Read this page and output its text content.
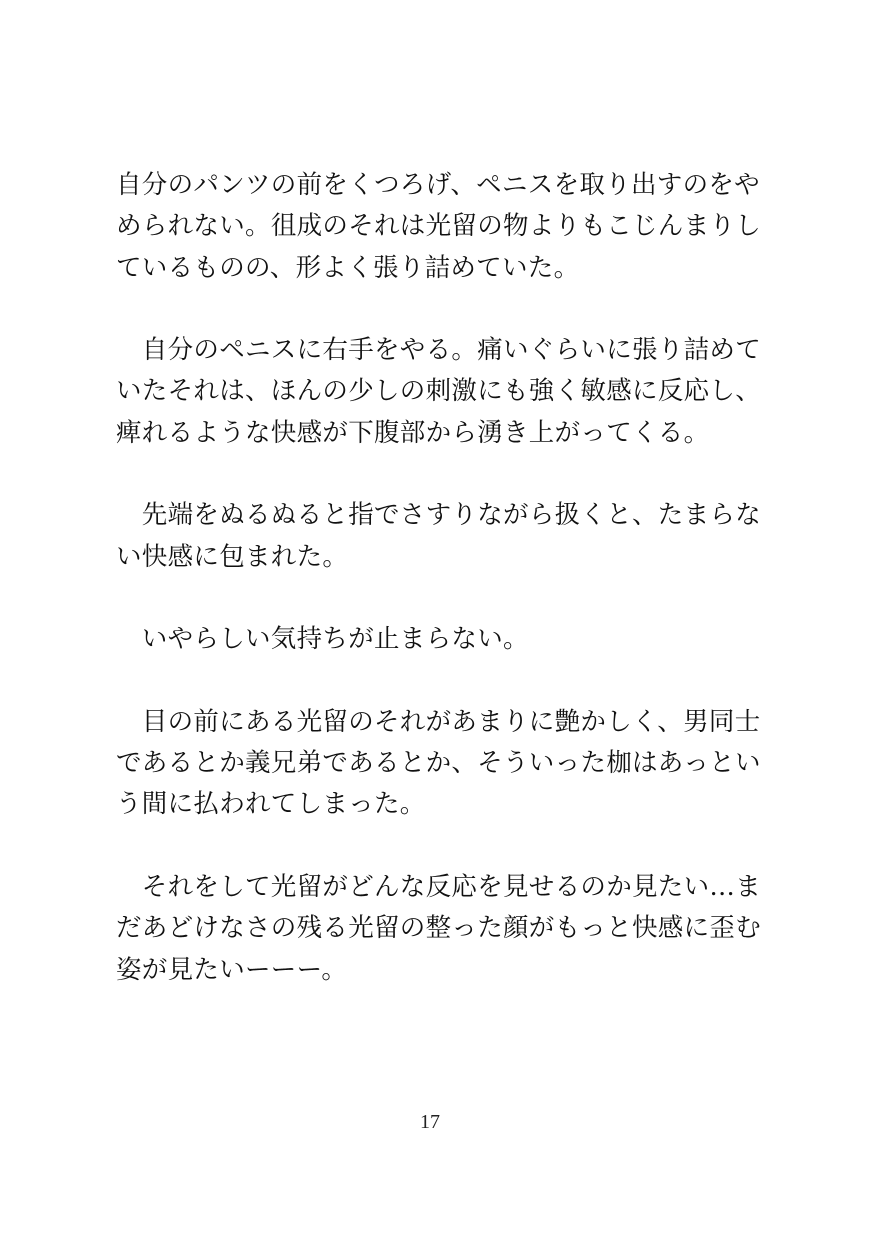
自分のパンツの前をくつろげ、ペニスを取り出すのをや
められない。徂成のそれは光留の物よりもこじんまりし
ているものの、形よく張り詰めていた。
　自分のペニスに右手をやる。痛いぐらいに張り詰めて
いたそれは、ほんの少しの刺激にも強く敏感に反応し、
痺れるような快感が下腹部から湧き上がってくる。
　先端をぬるぬると指でさすりながら扱くと、たまらな
い快感に包まれた。
　いやらしい気持ちが止まらない。
　目の前にある光留のそれがあまりに艶かしく、男同士
であるとか義兄弟であるとか、そういった枷はあっとい
う間に払われてしまった。
　それをして光留がどんな反応を見せるのか見たい…ま
だあどけなさの残る光留の整った顔がもっと快感に歪む
姿が見たいーーー。
17
